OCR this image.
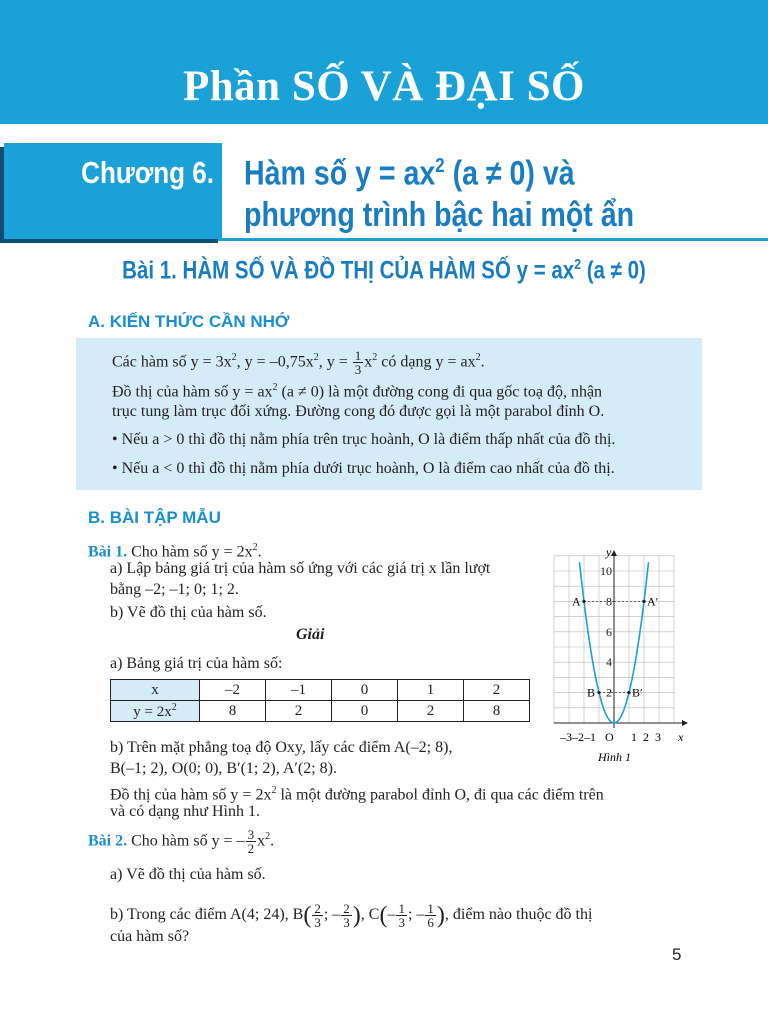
Phần SỐ VÀ ĐẠI SỐ
Chương 6. Hàm số $y = ax^2$ (a ≠ 0) và
phương trình bậc hai một ẩn
Bài 1. HÀM SỐ VÀ ĐỒ THỊ CỦA HÀM SỐ $y = ax^2$ (a ≠ 0)
A. KIẾN THỨC CẦN NHỚ
Các hàm số $y = 3x^2$, $y = -0,75x^2$, $y = \frac{1}{3} x^2$ có dạng $y = ax^2$.
Đồ thị của hàm số $y = ax^2$ (a ≠ 0) là một đường cong đi qua gốc toạ độ, nhận
trục tung làm trục đối xứng. Đường cong đó được gọi là một parabol đỉnh O.
• Nếu a > 0 thì đồ thị nằm phía trên trục hoành, O là điểm thấp nhất của đồ thị.
• Nếu a < 0 thì đồ thị nằm phía dưới trục hoành, O là điểm cao nhất của đồ thị.
B. BÀI TẬP MẪU
Bài 1. Cho hàm số $y = 2x^2$.
a) Lập bảng giá trị của hàm số ứng với các giá trị x lần lượt
bằng –2; –1; 0; 1; 2.
b) Vẽ đồ thị của hàm số.
Giải
a) Bảng giá trị của hàm số:
x	–2	–1	0	1	2
$y = 2x^2$	8	2	0	2	8
b) Trên mặt phẳng toạ độ Oxy, lấy các điểm A(–2; 8),
B(–1; 2), O(0; 0), B′(1; 2), A′(2; 8).
Đồ thị của hàm số $y = 2x^2$ là một đường parabol đỉnh O, đi qua các điểm trên
và có dạng như Hình 1.
Bài 2. Cho hàm số y = – $\frac{3}{2} x^2$.
a) Vẽ đồ thị của hàm số.
b) Trong các điểm A(4; 24), $B( \frac{2}{3}$ ; – $\frac{2}{3}$ ), $C(- \frac{1}{3}$ ; – $\frac{1}{6}$ ), điểm nào thuộc đồ thị
của hàm số?
10
8
6
4
2
A
B	B′
A′
y
x
–3–2–1 O 1  2  3
Hình 1
5
